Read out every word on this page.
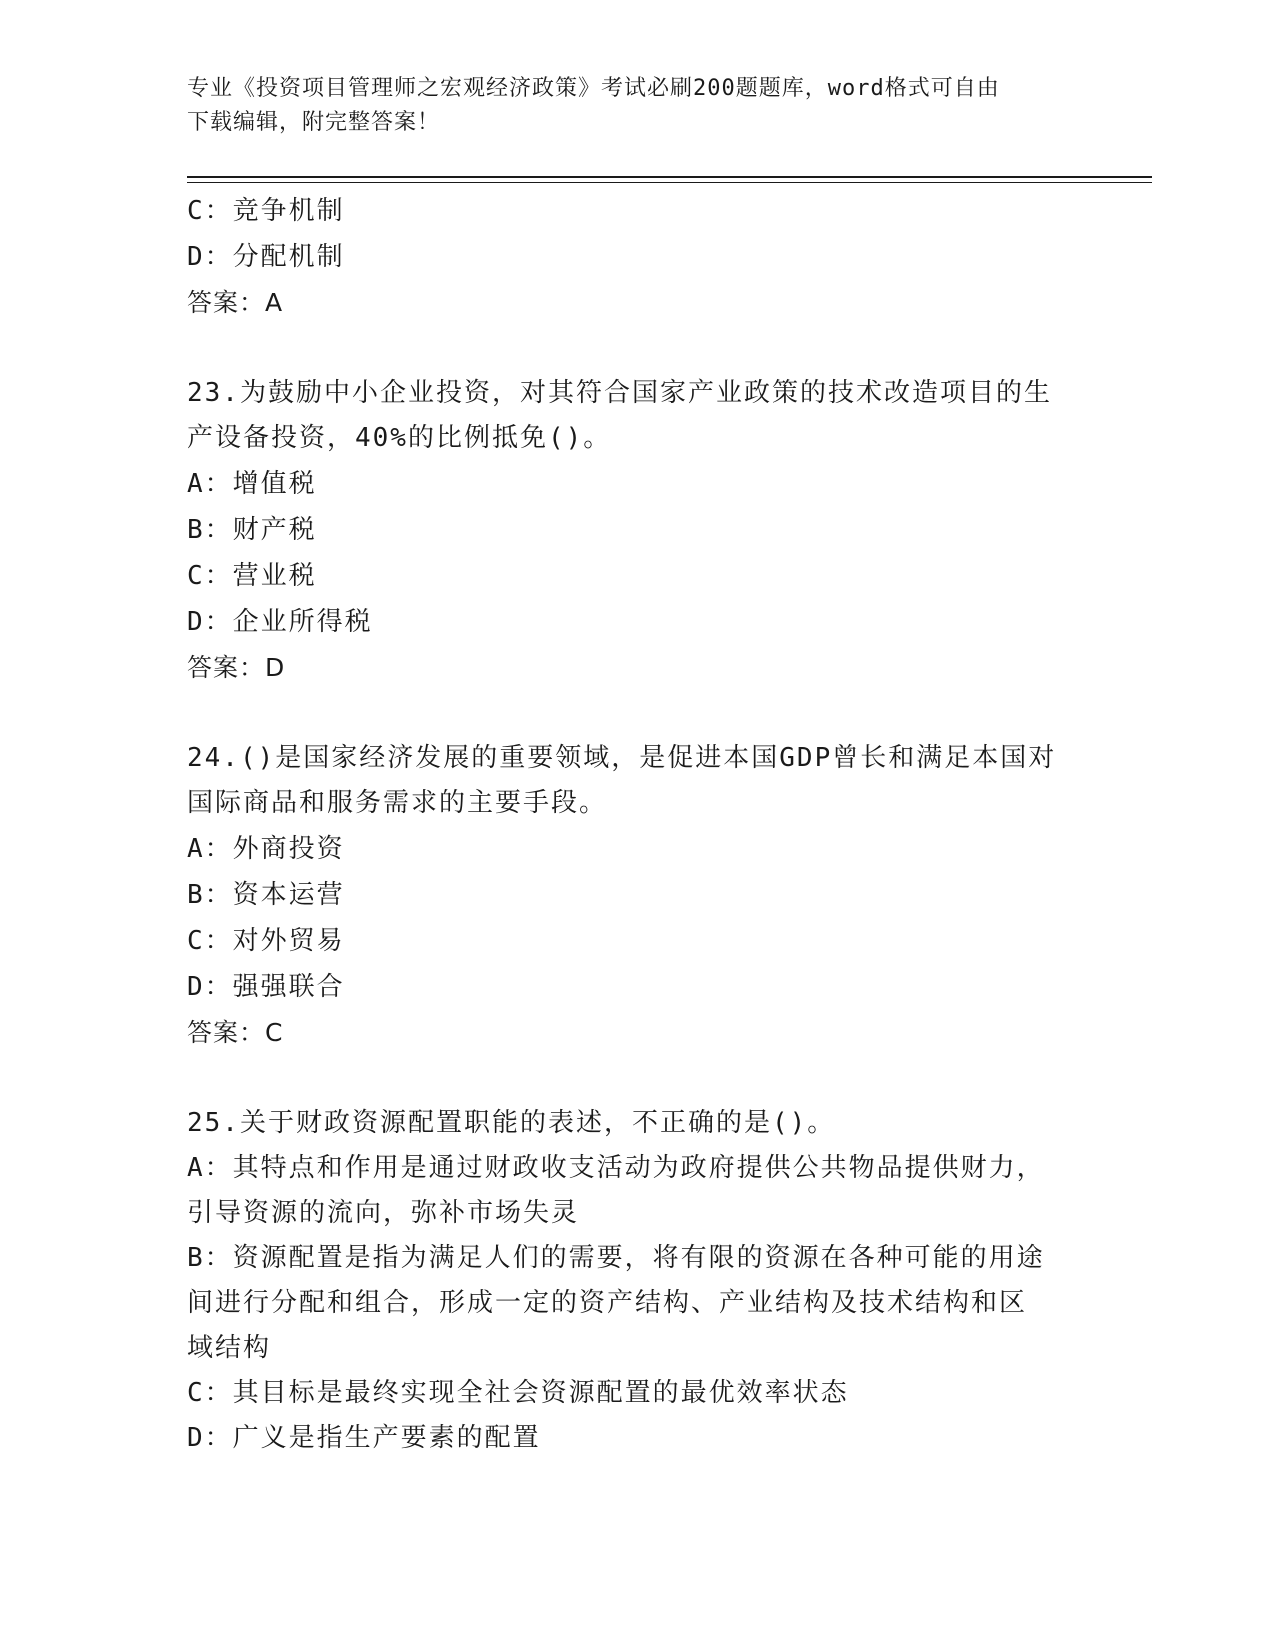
专业《投资项目管理师之宏观经济政策》考试必刷200题题库，word格式可自由
下载编辑，附完整答案！
C：竞争机制
D：分配机制
答案：A
23.为鼓励中小企业投资，对其符合国家产业政策的技术改造项目的生
产设备投资，40%的比例抵免()。
A：增值税
B：财产税
C：营业税
D：企业所得税
答案：D
24.()是国家经济发展的重要领域，是促进本国GDP曾长和满足本国对
国际商品和服务需求的主要手段。
A：外商投资
B：资本运营
C：对外贸易
D：强强联合
答案：C
25.关于财政资源配置职能的表述，不正确的是()。
A：其特点和作用是通过财政收支活动为政府提供公共物品提供财力，
引导资源的流向，弥补市场失灵
B：资源配置是指为满足人们的需要，将有限的资源在各种可能的用途
间进行分配和组合，形成一定的资产结构、产业结构及技术结构和区
域结构
C：其目标是最终实现全社会资源配置的最优效率状态
D：广义是指生产要素的配置
